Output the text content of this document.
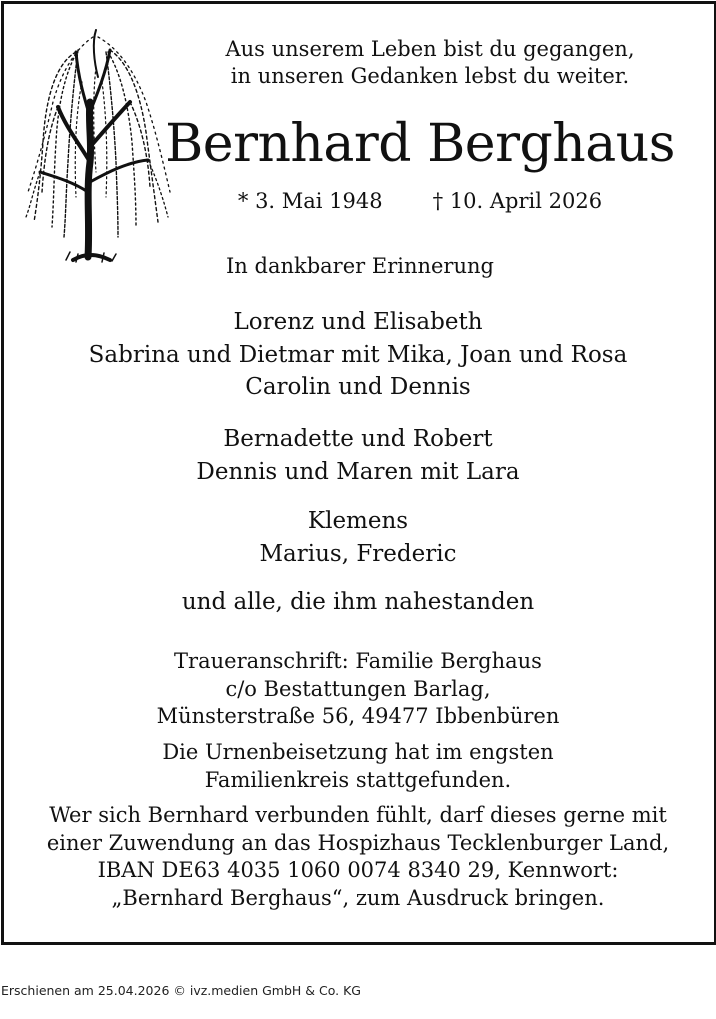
Aus unserem Leben bist du gegangen,
in unseren Gedanken lebst du weiter.
Bernhard Berghaus
* 3. Mai 1948 † 10. April 2026
In dankbarer Erinnerung
Lorenz und Elisabeth
Sabrina und Dietmar mit Mika, Joan und Rosa
Carolin und Dennis
Bernadette und Robert
Dennis und Maren mit Lara
Klemens
Marius, Frederic
und alle, die ihm nahestanden
Traueranschrift: Familie Berghaus
c/o Bestattungen Barlag,
Münsterstraße 56, 49477 Ibbenbüren
Die Urnenbeisetzung hat im engsten
Familienkreis stattgefunden.
Wer sich Bernhard verbunden fühlt, darf dieses gerne mit
einer Zuwendung an das Hospizhaus Tecklenburger Land,
IBAN DE63 4035 1060 0074 8340 29, Kennwort:
„Bernhard Berghaus“, zum Ausdruck bringen.
Erschienen am 25.04.2026 © ivz.medien GmbH & Co. KG
